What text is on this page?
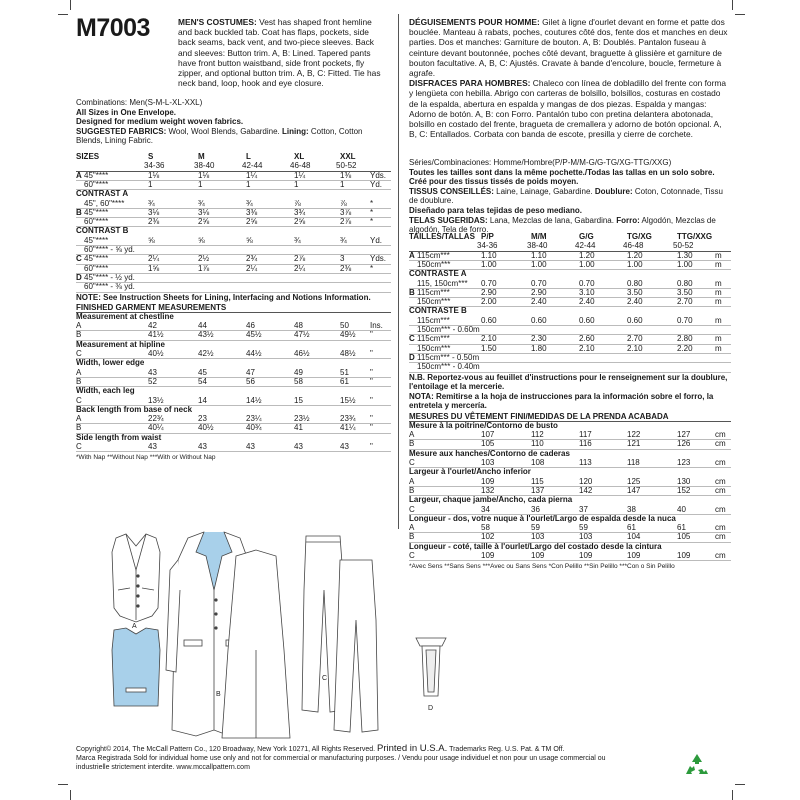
M7003	MEN'S COSTUMES: Vest has shaped front hemline and back buckled tab. Coat has flaps, pockets, side back seams, back vent, and two-piece sleeves. Back and sleeves: Button trim. A, B: Lined. Tapered pants have front button waistband, side front pockets, fly zipper, and optional button trim. A, B, C: Fitted. Tie has neck band, loop, hook and eye closure.
DÉGUISEMENTS POUR HOMME: Gilet à ligne d'ourlet devant en forme et patte dos bouclée. Manteau à rabats, poches, coutures côté dos, fente dos et manches en deux parties. Dos et manches: Garniture de bouton. A, B: Doublés. Pantalon fuseau à ceinture devant boutonnée, poches côté devant, braguette à glissière et garniture de bouton facultative. A, B, C: Ajustés. Cravate à bande d'encolure, boucle, fermeture à agrafe.
DISFRACES PARA HOMBRES: Chaleco con línea de dobladillo del frente con forma y lengüeta con hebilla. Abrigo con carteras de bolsillo, bolsillos, costuras en costado de la espalda, abertura en espalda y mangas de dos piezas. Espalda y mangas: Adorno de botón. A, B: con Forro. Pantalón tubo con pretina delantera abotonada, bolsillo en costado del frente, bragueta de cremallera y adorno de botón opcional. A, B, C: Entallados. Corbata con banda de escote, presilla y cierre de corchete.
Combinations: Men(S-M-L-XL-XXL)
All Sizes in One Envelope.
Designed for medium weight woven fabrics.
SUGGESTED FABRICS: Wool, Wool Blends, Gabardine. Lining: Cotton, Cotton Blends, Lining Fabric.
SIZES	S	M	L	XL	XXL
34-36	38-40	42-44	46-48	50-52
A 45"****	1⅛	1⅛	1¼	1¼	1⅜ Yds.
60"****	1	1	1	1	1	Yd.
CONTRAST A
45", 60"****	¾	¾	¾	⅞	⅞	*
B 45"****	3⅛	3⅛	3⅜	3¾	3⅞ *
60"****	2⅜	2⅝	2⅝	2⅝	2⅞ *
CONTRAST B
45"****	⅝	⅝	⅝	¾	¾	Yd.
60"**** - ⅝ yd.
C 45"****	2¼	2½	2¾	2⅞	3	Yds.
60"****	1⅝	1⅞	2¼	2¼	2⅜ *
D 45"**** - ½ yd.
60"**** - ⅜ yd.
NOTE: See Instruction Sheets for Lining, Interfacing and Notions Information.
FINISHED GARMENT MEASUREMENTS
Measurement at chestline
A	42	44	46	48	50	Ins.
B	41½	43½	45½	47½	49½ "
Measurement at hipline
C	40½	42½	44½	46½	48½ "
Width, lower edge
A	43	45	47	49	51	"
B	52	54	56	58	61	"
Width, each leg
C	13½	14	14½	15	15½ "
Back length from base of neck
A	22¾	23	23¼	23½	23¾ "
B	40¼	40½	40¾	41	41¼ "
Side length from waist
C	43	43	43	43	43	"
*With Nap **Without Nap ***With or Without Nap
TAILLES/TALLAS P/P	M/M	G/G	TG/XG	TTG/XXG
34-36	38-40	42-44	46-48	50-52
A 115cm***	1.10	1.10	1.20	1.20	1.30	m
150cm***	1.00	1.00	1.00	1.00	1.00	m
CONTRASTE A
115, 150cm*** 0.70	0.70	0.70	0.80	0.80	m
B 115cm***	2.90	2.90	3.10	3.50	3.50	m
150cm***	2.00	2.40	2.40	2.40	2.70	m
CONTRASTE B
115cm***	0.60	0.60	0.60	0.60	0.70	m
150cm*** - 0.60m
C 115cm***	2.10	2.30	2.60	2.70	2.80	m
150cm***	1.50	1.80	2.10	2.10	2.20	m
D 115cm*** - 0.50m
150cm*** - 0.40m
N.B. Reportez-vous au feuillet d'instructions pour le renseignement sur la doublure, l'entoilage et la mercerie.
NOTA: Remitirse a la hoja de instrucciones para la información sobre el forro, la entretela y mercería.
MESURES DU VÊTEMENT FINI/MEDIDAS DE LA PRENDA ACABADA
Mesure à la poitrine/Contorno de busto
A	107	112	117	122	127	cm
B	105	110	116	121	126	cm
Mesure aux hanches/Contorno de caderas
C	103	108	113	118	123	cm
Largeur à l'ourlet/Ancho inferior
A	109	115	120	125	130	cm
B	132	137	142	147	152	cm
Largeur, chaque jambe/Ancho, cada pierna
C	34	36	37	38	40	cm
Longueur - dos, votre nuque à l'ourlet/Largo de espalda desde la nuca
A	58	59	59	61	61	cm
B	102	103	103	104	105	cm
Longueur - coté, taille à l'ourlet/Largo del costado desde la cintura
C	109	109	109	109	109	cm
*Avec Sens **Sans Sens ***Avec ou Sans Sens *Con Pelillo **Sin Pelillo ***Con o Sin Pelillo
Séries/Combinaciones: Homme/Hombre(P/P-M/M-G/G-TG/XG-TTG/XXG)
Toutes les tailles sont dans la même pochette./Todas las tallas en un solo sobre.
Créé pour des tissus tissés de poids moyen.
TISSUS CONSEILLÉS: Laine, Lainage, Gabardine. Doublure: Coton, Cotonnade, Tissu de doublure.
Diseñado para telas tejidas de peso mediano.
TELAS SUGERIDAS: Lana, Mezclas de lana, Gabardina. Forro: Algodón, Mezclas de algodón, Tela de forro.
A
B
C
D
Copyright© 2014, The McCall Pattern Co., 120 Broadway, New York 10271, All Rights Reserved. Printed in U.S.A. Trademarks Reg. U.S. Pat. & TM Off.
Marca Registrada Sold for individual home use only and not for commercial or manufacturing purposes. / Vendu pour usage individuel et non pour un usage commercial ou
industrielle strictement interdite. www.mccallpattern.com
